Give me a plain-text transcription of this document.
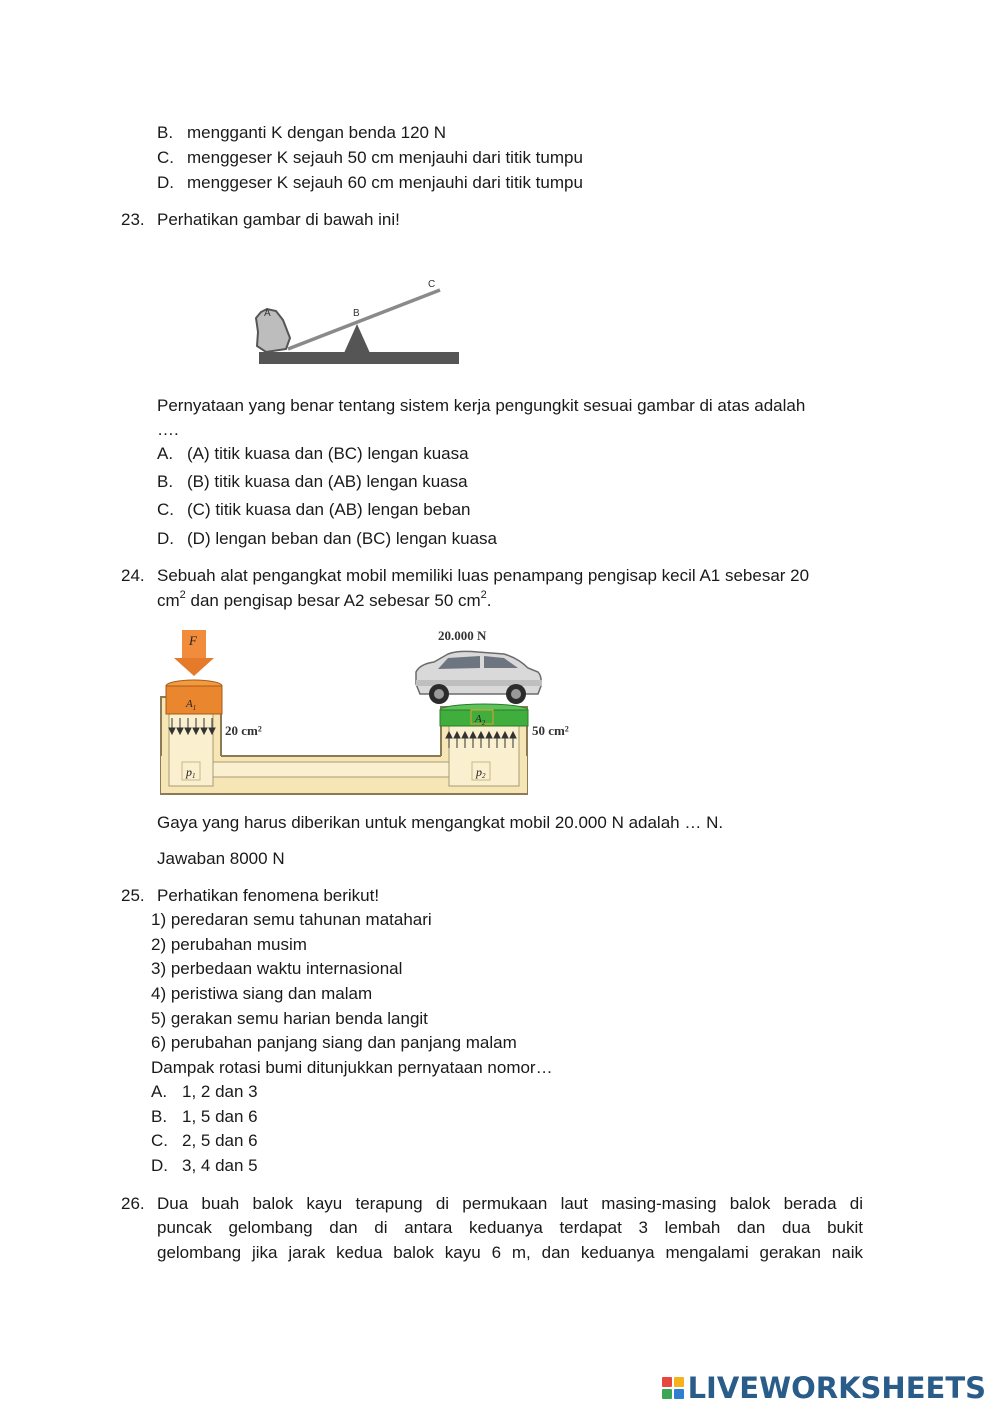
B. mengganti K dengan benda 120 N
C. menggeser K sejauh 50 cm menjauhi dari titik tumpu
D. menggeser K sejauh 60 cm menjauhi dari titik tumpu
23. Perhatikan gambar di bawah ini!
A	B
C
Pernyataan yang benar tentang sistem kerja pengungkit sesuai gambar di atas adalah
….
A. (A) titik kuasa dan (BC) lengan kuasa
B. (B) titik kuasa dan (AB) lengan kuasa
C. (C) titik kuasa dan (AB) lengan beban
D. (D) lengan beban dan (BC) lengan kuasa
24. Sebuah alat pengangkat mobil memiliki luas penampang pengisap kecil A1 sebesar 20
$cm^2$ dan pengisap besar A2 sebesar 50 $cm^2$.
F
$A_1$
20 cm²
p1
$A_2$	50 cm²
p2
20.000 N
Gaya yang harus diberikan untuk mengangkat mobil 20.000 N adalah … N.
Jawaban 8000 N
25. Perhatikan fenomena berikut!
1) peredaran semu tahunan matahari
2) perubahan musim
3) perbedaan waktu internasional
4) peristiwa siang dan malam
5) gerakan semu harian benda langit
6) perubahan panjang siang dan panjang malam
Dampak rotasi bumi ditunjukkan pernyataan nomor…
A. 1, 2 dan 3
B. 1, 5 dan 6
C. 2, 5 dan 6
D. 3, 4 dan 5
26. Dua buah balok kayu terapung di permukaan laut masing-masing balok berada di
puncak gelombang dan di antara keduanya terdapat 3 lembah dan dua bukit
gelombang jika jarak kedua balok kayu 6 m, dan keduanya mengalami gerakan naik
LIVEWORKSHEETS
